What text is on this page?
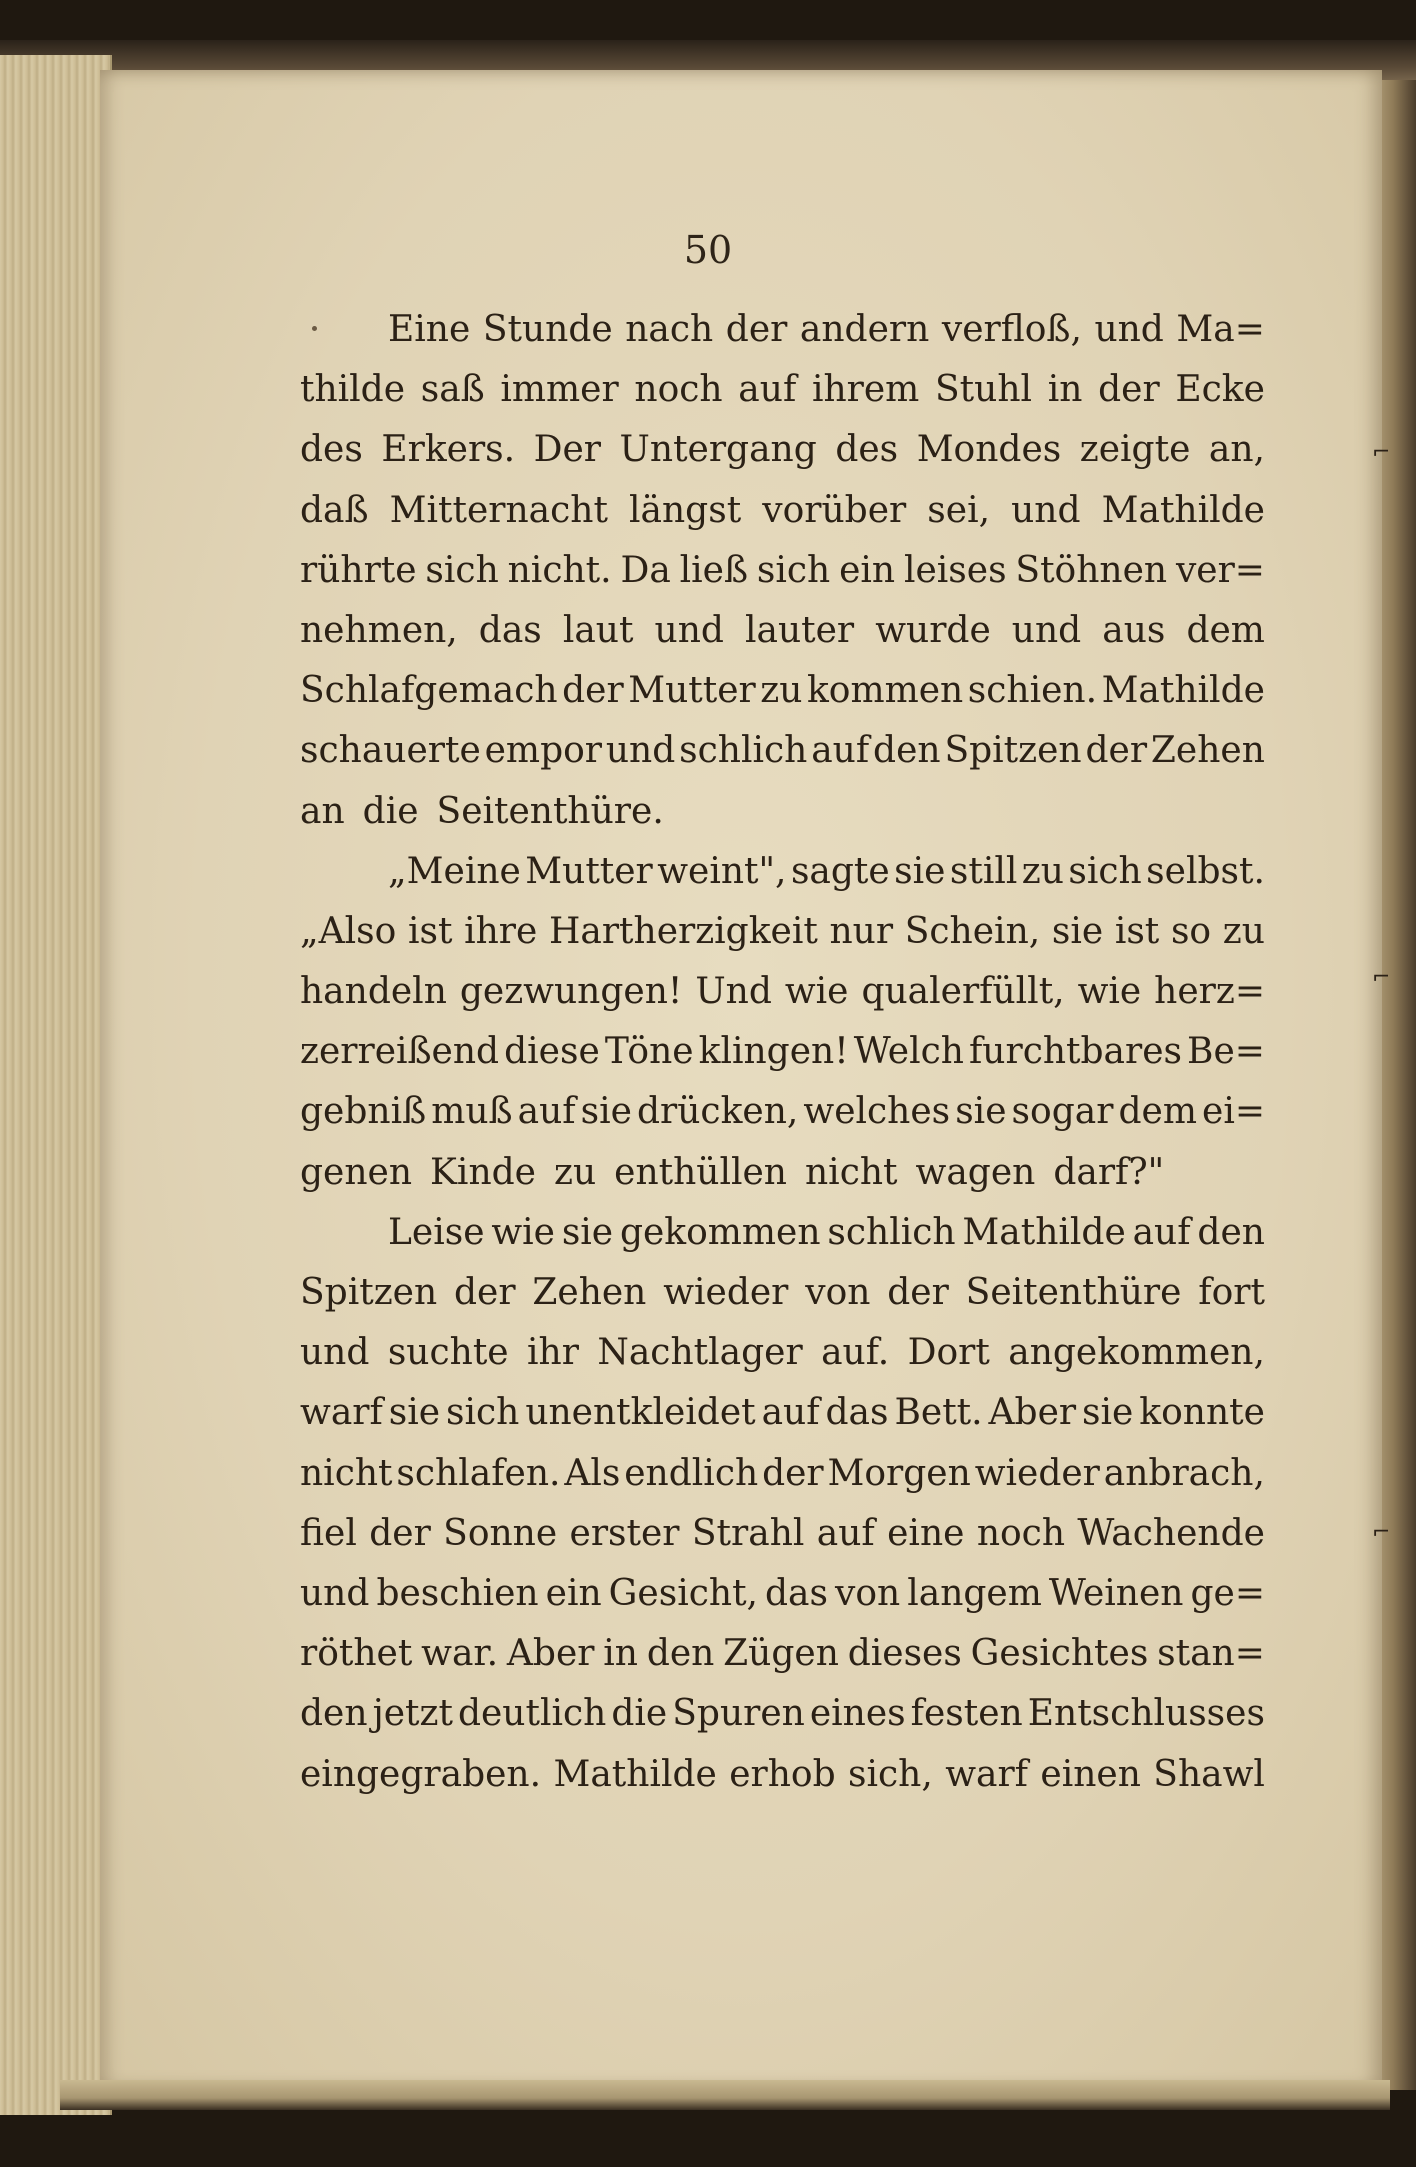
50
Eine Stunde nach der andern verfloß, und Ma=
thilde saß immer noch auf ihrem Stuhl in der Ecke
des Erkers. Der Untergang des Mondes zeigte an,
daß Mitternacht längst vorüber sei, und Mathilde
rührte sich nicht. Da ließ sich ein leises Stöhnen ver=
nehmen, das laut und lauter wurde und aus dem
Schlafgemach der Mutter zu kommen schien. Mathilde
schauerte empor und schlich auf den Spitzen der Zehen
an die Seitenthüre.
„Meine Mutter weint", sagte sie still zu sich selbst.
„Also ist ihre Hartherzigkeit nur Schein, sie ist so zu
handeln gezwungen! Und wie qualerfüllt, wie herz=
zerreißend diese Töne klingen! Welch furchtbares Be=
gebniß muß auf sie drücken, welches sie sogar dem ei=
genen Kinde zu enthüllen nicht wagen darf?"
Leise wie sie gekommen schlich Mathilde auf den
Spitzen der Zehen wieder von der Seitenthüre fort
und suchte ihr Nachtlager auf. Dort angekommen,
warf sie sich unentkleidet auf das Bett. Aber sie konnte
nicht schlafen. Als endlich der Morgen wieder anbrach,
fiel der Sonne erster Strahl auf eine noch Wachende
und beschien ein Gesicht, das von langem Weinen ge=
röthet war. Aber in den Zügen dieses Gesichtes stan=
den jetzt deutlich die Spuren eines festen Entschlusses
eingegraben. Mathilde erhob sich, warf einen Shawl
⌐
⌐
⌐
